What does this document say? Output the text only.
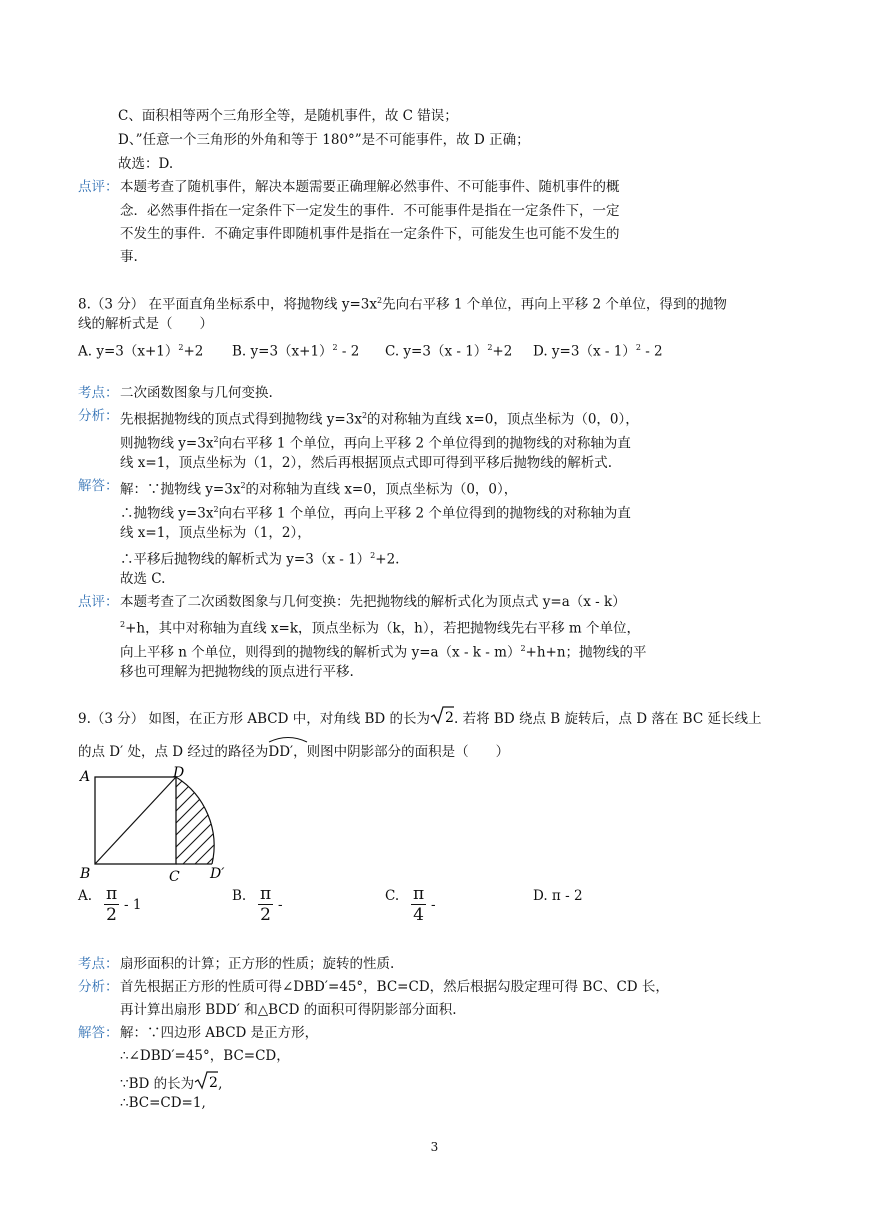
C、面积相等两个三角形全等，是随机事件，故 C 错误；
D、”任意一个三角形的外角和等于 180°”是不可能事件，故 D 正确；
故选：D.
点评： 本题考查了随机事件，解决本题需要正确理解必然事件、不可能事件、随机事件的概
念．必然事件指在一定条件下一定发生的事件．不可能事件是指在一定条件下，一定
不发生的事件．不确定事件即随机事件是指在一定条件下，可能发生也可能不发生的
事.
8.（3 分） 在平面直角坐标系中，将抛物线 $y=3x^2$先向右平移 1 个单位，再向上平移 2 个单位，得到的抛物
线的解析式是（　　）
A. $y=3(x+1)^2+2$ B. $y=3(x+1)^2 - 2$ C. y=3（x - 1）$^2$+2 D. y=3（x - 1）$^2$ - 2
考点： 二次函数图象与几何变换.
分析： 先根据抛物线的顶点式得到抛物线 $y=3x^2$的对称轴为直线 x=0，顶点坐标为（0，0），
则抛物线 $y=3x^2$向右平移 1 个单位，再向上平移 2 个单位得到的抛物线的对称轴为直
线 x=1，顶点坐标为（1，2），然后再根据顶点式即可得到平移后抛物线的解析式.
解答： 解：∵抛物线 $y=3x^2$的对称轴为直线 x=0，顶点坐标为（0，0），
∴抛物线 $y=3x^2$向右平移 1 个单位，再向上平移 2 个单位得到的抛物线的对称轴为直
线 x=1，顶点坐标为（1，2），
∴平移后抛物线的解析式为 y=3（x - 1）$^2$+2.
故选 C.
点评： 本题考查了二次函数图象与几何变换：先把抛物线的解析式化为顶点式 y=a（x - k）
$^2$+h，其中对称轴为直线 x=k，顶点坐标为（k，h），若把抛物线先右平移 m 个单位，
向上平移 n 个单位，则得到的抛物线的解析式为 y=a（x - k - m）$^2$+h+n；抛物线的平
移也可理解为把抛物线的顶点进行平移.
9.（3 分） 如图，在正方形 ABCD 中，对角线 BD 的长为 2 . 若将 BD 绕点 B 旋转后，点 D 落在 BC 延长线上
的点 D′ 处，点 D 经过的路径为
DD′，则图中阴影部分的面积是（　　）
A	D
B	C D′
A. $\frac{\pi}{2} - 1$
B. $\frac{\pi}{2}$ -
C. $\frac{\pi}{4}$ -
D. π - 2
考点： 扇形面积的计算；正方形的性质；旋转的性质.
分析： 首先根据正方形的性质可得∠DBD′=45°，BC=CD，然后根据勾股定理可得 BC、CD 长，
再计算出扇形 BDD′ 和△BCD 的面积可得阴影部分面积.
解答： 解：∵四边形 ABCD 是正方形，
∴∠DBD′=45°，BC=CD，
∵BD 的长为 2 ,
∴BC=CD=1,
3
